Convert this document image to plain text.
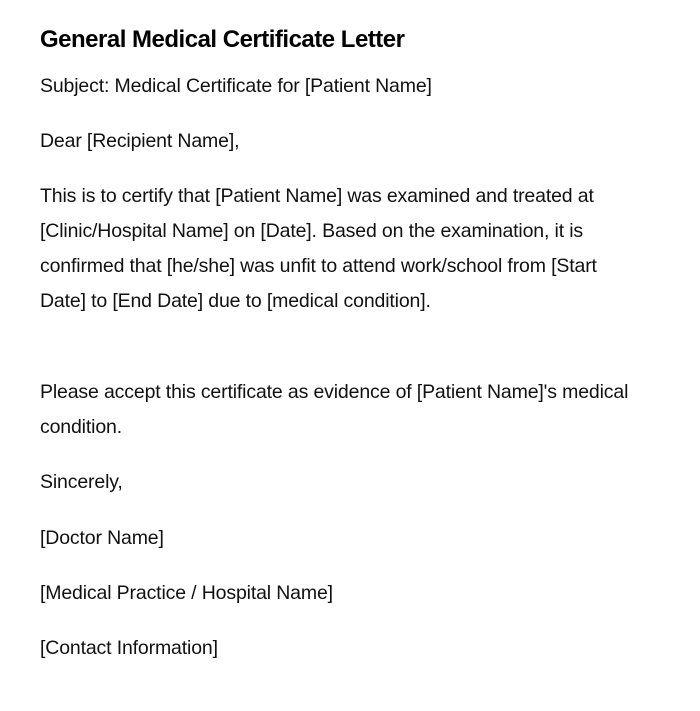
General Medical Certificate Letter

Subject: Medical Certificate for [Patient Name]

Dear [Recipient Name],

This is to certify that [Patient Name] was examined and treated at [Clinic/Hospital Name] on [Date]. Based on the examination, it is confirmed that [he/she] was unfit to attend work/school from [Start Date] to [End Date] due to [medical condition].

Please accept this certificate as evidence of [Patient Name]'s medical condition.

Sincerely,

[Doctor Name]

[Medical Practice / Hospital Name]

[Contact Information]
